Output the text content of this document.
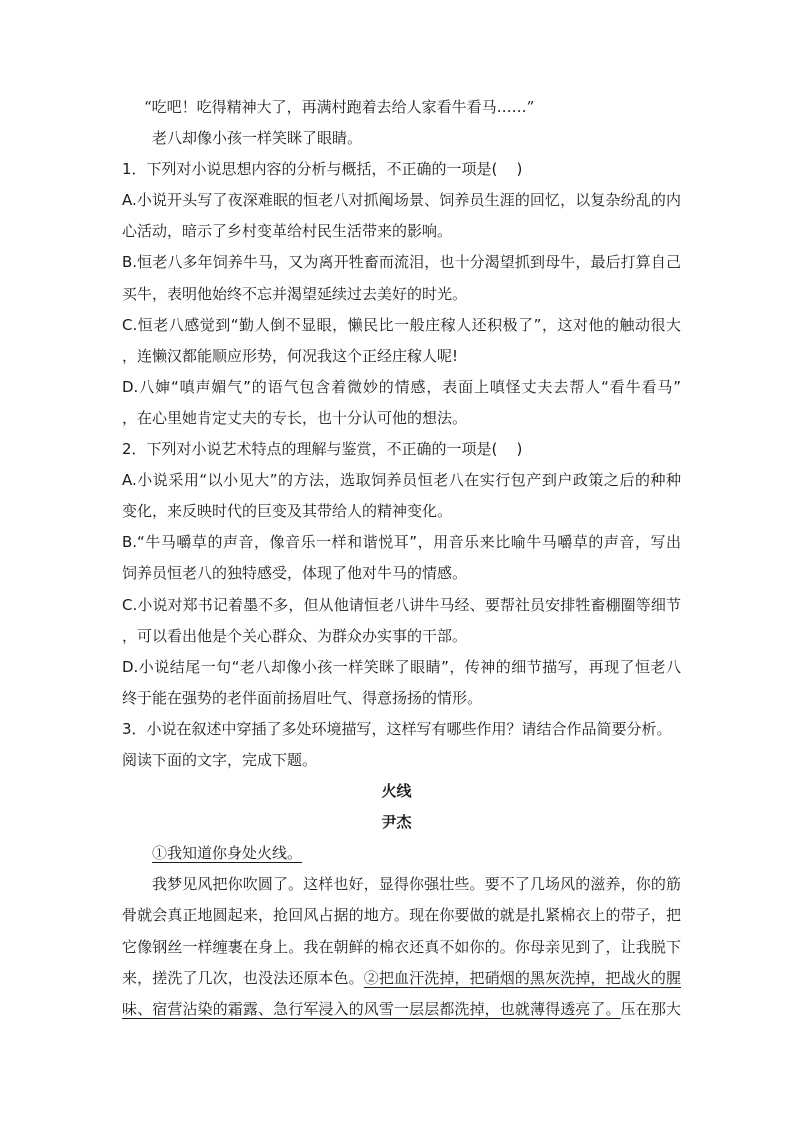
“吃吧！吃得精神大了，再满村跑着去给人家看牛看马……”
老八却像小孩一样笑眯了眼睛。
1．下列对小说思想内容的分析与概括，不正确的一项是(    )
A.小说开头写了夜深难眠的恒老八对抓阄场景、饲养员生涯的回忆，以复杂纷乱的内
心活动，暗示了乡村变革给村民生活带来的影响。
B.恒老八多年饲养牛马，又为离开牲畜而流泪，也十分渴望抓到母牛，最后打算自己
买牛，表明他始终不忘并渴望延续过去美好的时光。
C.恒老八感觉到“勤人倒不显眼，懒民比一般庄稼人还积极了”，这对他的触动很大
，连懒汉都能顺应形势，何况我这个正经庄稼人呢!
D.八婶“嗔声媚气”的语气包含着微妙的情感，表面上嗔怪丈夫去帮人“看牛看马”
，在心里她肯定丈夫的专长，也十分认可他的想法。
2．下列对小说艺术特点的理解与鉴赏，不正确的一项是(    )
A.小说采用“以小见大”的方法，选取饲养员恒老八在实行包产到户政策之后的种种
变化，来反映时代的巨变及其带给人的精神变化。
B.“牛马嚼草的声音，像音乐一样和谐悦耳”，用音乐来比喻牛马嚼草的声音，写出
饲养员恒老八的独特感受，体现了他对牛马的情感。
C.小说对郑书记着墨不多，但从他请恒老八讲牛马经、要帮社员安排牲畜棚圈等细节
，可以看出他是个关心群众、为群众办实事的干部。
D.小说结尾一句“老八却像小孩一样笑眯了眼睛”，传神的细节描写，再现了恒老八
终于能在强势的老伴面前扬眉吐气、得意扬扬的情形。
3．小说在叙述中穿插了多处环境描写，这样写有哪些作用？请结合作品简要分析。
阅读下面的文字，完成下题。
火线
尹杰
①我知道你身处火线。
我梦见风把你吹圆了。这样也好，显得你强壮些。要不了几场风的滋养，你的筋
骨就会真正地圆起来，抢回风占据的地方。现在你要做的就是扎紧棉衣上的带子，把
它像钢丝一样缠裹在身上。我在朝鲜的棉衣还真不如你的。你母亲见到了，让我脱下
来，搓洗了几次，也没法还原本色。②把血汗洗掉，把硝烟的黑灰洗掉，把战火的腥
味、宿营沾染的霜露、急行军浸入的风雪一层层都洗掉，也就薄得透亮了。压在那大
